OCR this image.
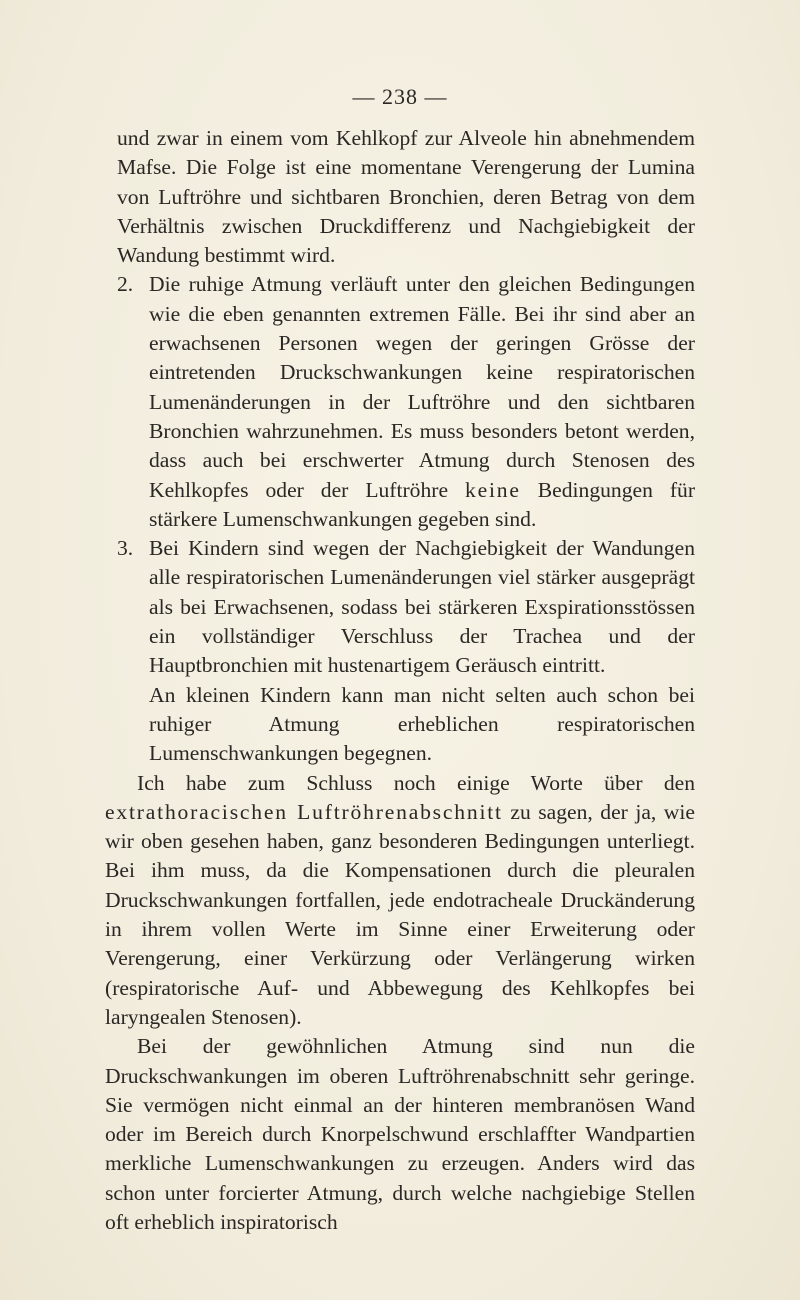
— 238 —

und zwar in einem vom Kehlkopf zur Alveole hin abnehmendem Mafse. Die Folge ist eine momentane Verengerung der Lumina von Luftröhre und sichtbaren Bronchien, deren Betrag von dem Verhältnis zwischen Druckdifferenz und Nachgiebigkeit der Wandung bestimmt wird.

2. Die ruhige Atmung verläuft unter den gleichen Bedingungen wie die eben genannten extremen Fälle. Bei ihr sind aber an erwachsenen Personen wegen der geringen Grösse der eintretenden Druckschwankungen keine respiratorischen Lumenänderungen in der Luftröhre und den sichtbaren Bronchien wahrzunehmen. Es muss besonders betont werden, dass auch bei erschwerter Atmung durch Stenosen des Kehlkopfes oder der Luftröhre keine Bedingungen für stärkere Lumenschwankungen gegeben sind.
3. Bei Kindern sind wegen der Nachgiebigkeit der Wandungen alle respiratorischen Lumenänderungen viel stärker ausgeprägt als bei Erwachsenen, sodass bei stärkeren Exspirationsstössen ein vollständiger Verschluss der Trachea und der Hauptbronchien mit hustenartigem Geräusch eintritt.

An kleinen Kindern kann man nicht selten auch schon bei ruhiger Atmung erheblichen respiratorischen Lumenschwankungen begegnen.

Ich habe zum Schluss noch einige Worte über den extrathoracischen Luftröhrenabschnitt zu sagen, der ja, wie wir oben gesehen haben, ganz besonderen Bedingungen unterliegt. Bei ihm muss, da die Kompensationen durch die pleuralen Druckschwankungen fortfallen, jede endotracheale Druckänderung in ihrem vollen Werte im Sinne einer Erweiterung oder Verengerung, einer Verkürzung oder Verlängerung wirken (respiratorische Auf- und Abbewegung des Kehlkopfes bei laryngealen Stenosen).

Bei der gewöhnlichen Atmung sind nun die Druckschwankungen im oberen Luftröhrenabschnitt sehr geringe. Sie vermögen nicht einmal an der hinteren membranösen Wand oder im Bereich durch Knorpelschwund erschlaffter Wandpartien merkliche Lumenschwankungen zu erzeugen. Anders wird das schon unter forcierter Atmung, durch welche nachgiebige Stellen oft erheblich inspiratorisch
